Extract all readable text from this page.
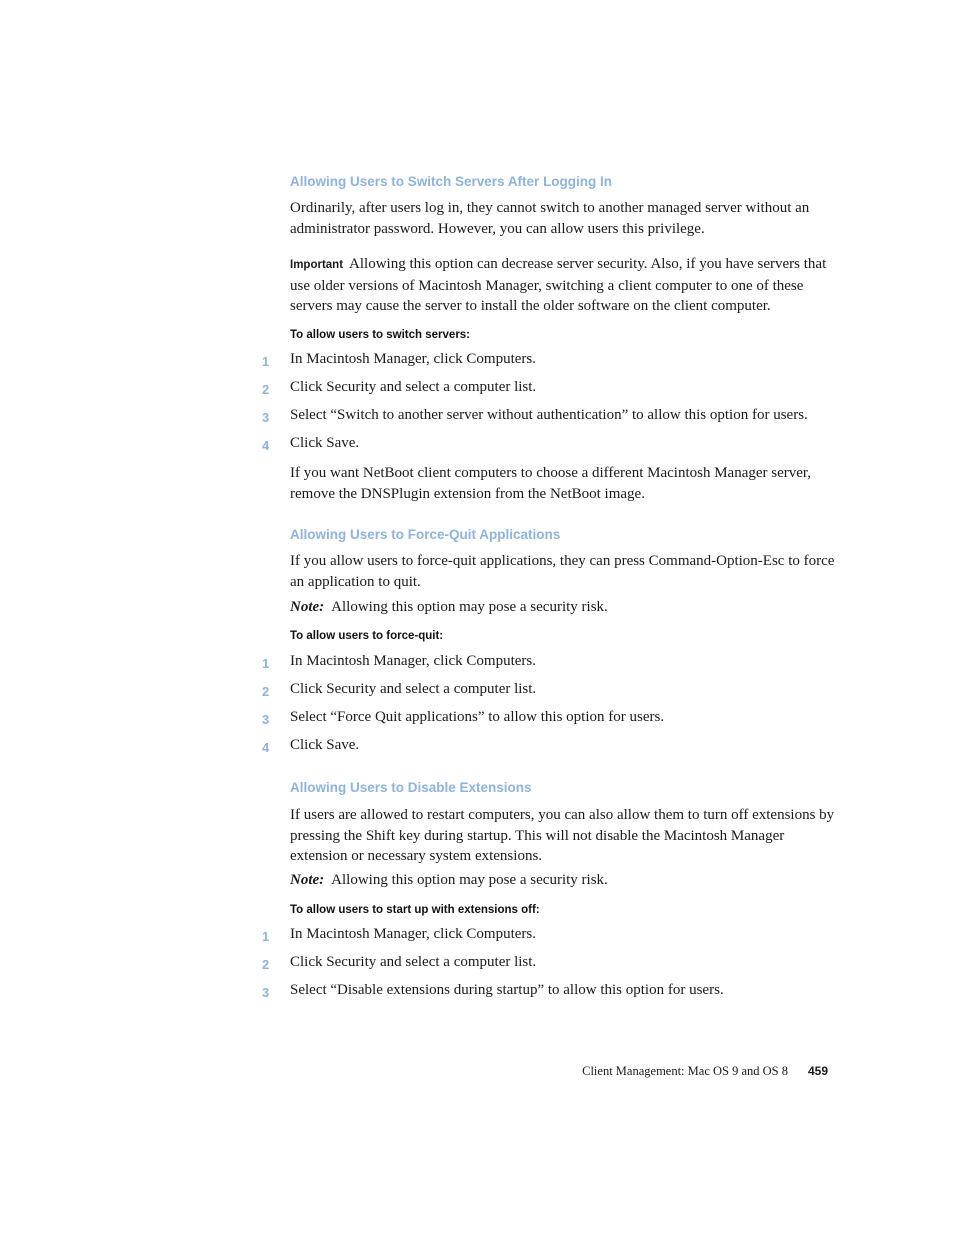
Allowing Users to Switch Servers After Logging In
Ordinarily, after users log in, they cannot switch to another managed server without an administrator password. However, you can allow users this privilege.
Important Allowing this option can decrease server security. Also, if you have servers that use older versions of Macintosh Manager, switching a client computer to one of these servers may cause the server to install the older software on the client computer.
To allow users to switch servers:
1	In Macintosh Manager, click Computers.
2	Click Security and select a computer list.
3	Select “Switch to another server without authentication” to allow this option for users.
4	Click Save.
If you want NetBoot client computers to choose a different Macintosh Manager server, remove the DNSPlugin extension from the NetBoot image.
Allowing Users to Force-Quit Applications
If you allow users to force-quit applications, they can press Command-Option-Esc to force an application to quit.
Note: Allowing this option may pose a security risk.
To allow users to force-quit:
1	In Macintosh Manager, click Computers.
2	Click Security and select a computer list.
3	Select “Force Quit applications” to allow this option for users.
4	Click Save.
Allowing Users to Disable Extensions
If users are allowed to restart computers, you can also allow them to turn off extensions by pressing the Shift key during startup. This will not disable the Macintosh Manager extension or necessary system extensions.
Note: Allowing this option may pose a security risk.
To allow users to start up with extensions off:
1	In Macintosh Manager, click Computers.
2	Click Security and select a computer list.
3	Select “Disable extensions during startup” to allow this option for users.
Client Management: Mac OS 9 and OS 8 459
